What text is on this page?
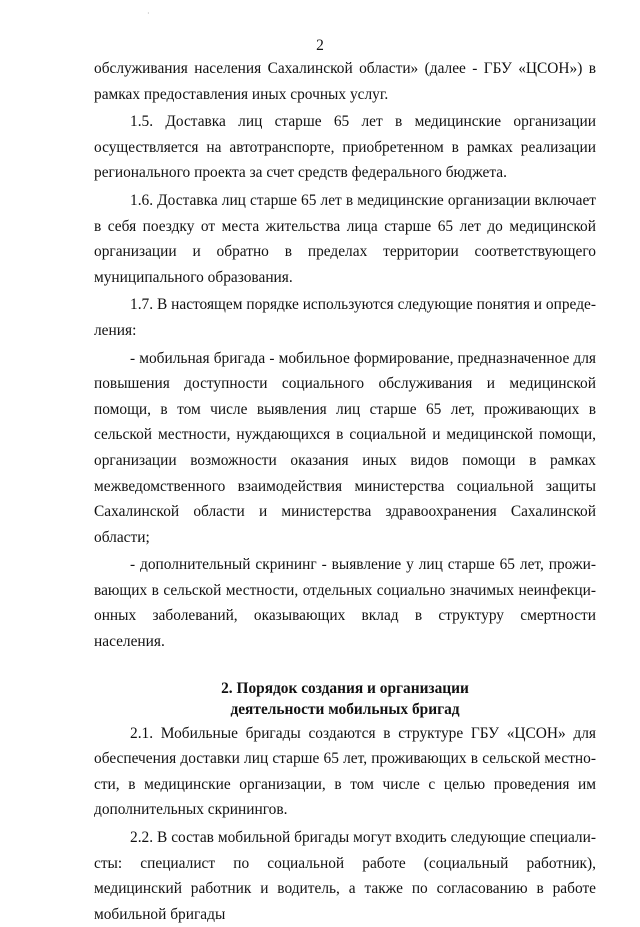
·
2

обслуживания населения Сахалинской области» (далее - ГБУ «ЦСОН») в рамках предоставления иных срочных услуг.

1.5. Доставка лиц старше 65 лет в медицинские организации осуществляется на автотранспорте, приобретенном в рамках реализации регионального проекта за счет средств федерального бюджета.

1.6. Доставка лиц старше 65 лет в медицинские организации включает в себя поездку от места жительства лица старше 65 лет до медицинской организации и обратно в пределах территории соответствующего муниципального образования.

1.7. В настоящем порядке используются следующие понятия и определения:

- мобильная бригада - мобильное формирование, предназначенное для повышения доступности социального обслуживания и медицинской помощи, в том числе выявления лиц старше 65 лет, проживающих в сельской местности, нуждающихся в социальной и медицинской помощи, организации возможности оказания иных видов помощи в рамках межведомственного взаимодействия министерства социальной защиты Сахалинской области и министерства здравоохранения Сахалинской области;

- дополнительный скрининг - выявление у лиц старше 65 лет, проживающих в сельской местности, отдельных социально значимых неинфекционных заболеваний, оказывающих вклад в структуру смертности населения.

2. Порядок создания и организации
деятельности мобильных бригад

2.1. Мобильные бригады создаются в структуре ГБУ «ЦСОН» для обеспечения доставки лиц старше 65 лет, проживающих в сельской местности, в медицинские организации, в том числе с целью проведения им дополнительных скринингов.

2.2. В состав мобильной бригады могут входить следующие специалисты: специалист по социальной работе (социальный работник), медицинский работник и водитель, а также по согласованию в работе мобильной бригады
